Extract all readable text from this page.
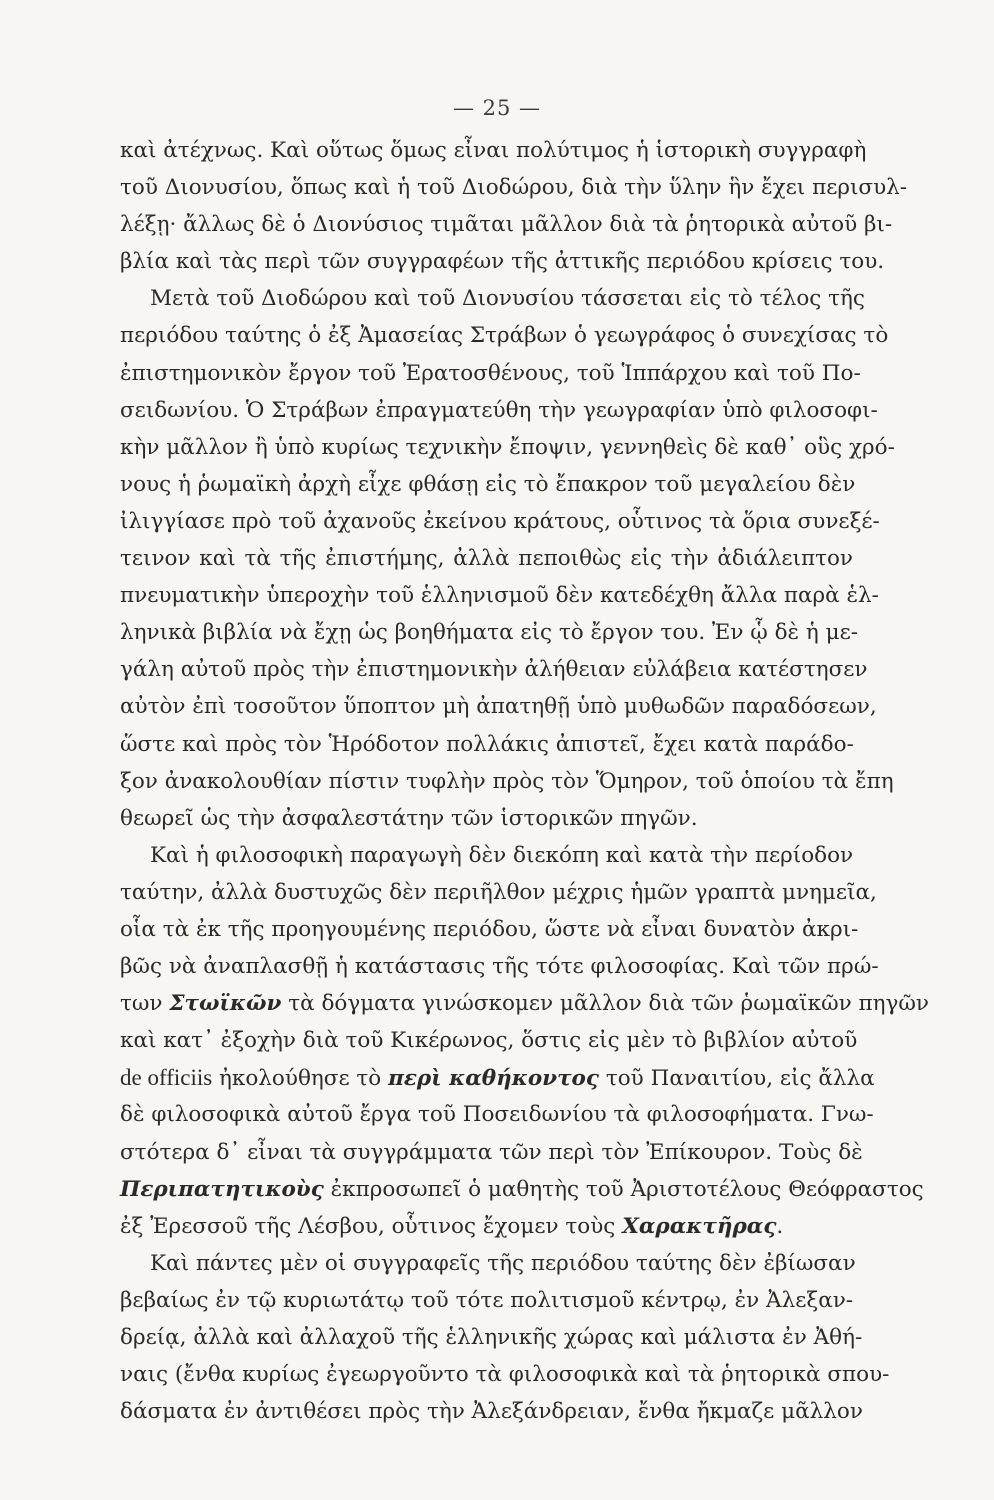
— 25 —
καὶ ἀτέχνως. Καὶ οὕτως ὅμως εἶναι πολύτιμος ἡ ἱστορικὴ συγγραφὴ
τοῦ Διονυσίου, ὅπως καὶ ἡ τοῦ Διοδώρου, διὰ τὴν ὕλην ἣν ἔχει περισυλ-
λέξῃ· ἄλλως δὲ ὁ Διονύσιος τιμᾶται μᾶλλον διὰ τὰ ῥητορικὰ αὐτοῦ βι-
βλία καὶ τὰς περὶ τῶν συγγραφέων τῆς ἀττικῆς περιόδου κρίσεις του.
Μετὰ τοῦ Διοδώρου καὶ τοῦ Διονυσίου τάσσεται εἰς τὸ τέλος τῆς
περιόδου ταύτης ὁ ἐξ Ἀμασείας Στράβων ὁ γεωγράφος ὁ συνεχίσας τὸ
ἐπιστημονικὸν ἔργον τοῦ Ἐρατοσθένους, τοῦ Ἱππάρχου καὶ τοῦ Πο-
σειδωνίου. Ὁ Στράβων ἐπραγματεύθη τὴν γεωγραφίαν ὑπὸ φιλοσοφι-
κὴν μᾶλλον ἢ ὑπὸ κυρίως τεχνικὴν ἔποψιν, γεννηθεὶς δὲ καθ᾽ οὓς χρό-
νους ἡ ῥωμαϊκὴ ἀρχὴ εἶχε φθάσῃ εἰς τὸ ἔπακρον τοῦ μεγαλείου δὲν
ἰλιγγίασε πρὸ τοῦ ἀχανοῦς ἐκείνου κράτους, οὗτινος τὰ ὅρια συνεξέ-
τεινον καὶ τὰ τῆς ἐπιστήμης, ἀλλὰ πεποιθὼς εἰς τὴν ἀδιάλειπτον
πνευματικὴν ὑπεροχὴν τοῦ ἑλληνισμοῦ δὲν κατεδέχθη ἄλλα παρὰ ἑλ-
ληνικὰ βιβλία νὰ ἔχῃ ὡς βοηθήματα εἰς τὸ ἔργον του. Ἐν ᾧ δὲ ἡ με-
γάλη αὐτοῦ πρὸς τὴν ἐπιστημονικὴν ἀλήθειαν εὐλάβεια κατέστησεν
αὐτὸν ἐπὶ τοσοῦτον ὕποπτον μὴ ἀπατηθῇ ὑπὸ μυθωδῶν παραδόσεων,
ὥστε καὶ πρὸς τὸν Ἡρόδοτον πολλάκις ἀπιστεῖ, ἔχει κατὰ παράδο-
ξον ἀνακολουθίαν πίστιν τυφλὴν πρὸς τὸν Ὅμηρον, τοῦ ὁποίου τὰ ἔπη
θεωρεῖ ὡς τὴν ἀσφαλεστάτην τῶν ἱστορικῶν πηγῶν.
Καὶ ἡ φιλοσοφικὴ παραγωγὴ δὲν διεκόπη καὶ κατὰ τὴν περίοδον
ταύτην, ἀλλὰ δυστυχῶς δὲν περιῆλθον μέχρις ἡμῶν γραπτὰ μνημεῖα,
οἷα τὰ ἐκ τῆς προηγουμένης περιόδου, ὥστε νὰ εἶναι δυνατὸν ἀκρι-
βῶς νὰ ἀναπλασθῇ ἡ κατάστασις τῆς τότε φιλοσοφίας. Καὶ τῶν πρώ-
των Στωϊκῶν τὰ δόγματα γινώσκομεν μᾶλλον διὰ τῶν ῥωμαϊκῶν πηγῶν
καὶ κατ᾽ ἐξοχὴν διὰ τοῦ Κικέρωνος, ὅστις εἰς μὲν τὸ βιβλίον αὐτοῦ
de officiis ἠκολούθησε τὸ περὶ καθήκοντος τοῦ Παναιτίου, εἰς ἄλλα
δὲ φιλοσοφικὰ αὐτοῦ ἔργα τοῦ Ποσειδωνίου τὰ φιλοσοφήματα. Γνω-
στότερα δ᾽ εἶναι τὰ συγγράμματα τῶν περὶ τὸν Ἐπίκουρον. Τοὺς δὲ
Περιπατητικοὺς ἐκπροσωπεῖ ὁ μαθητὴς τοῦ Ἀριστοτέλους Θεόφραστος
ἐξ Ἐρεσσοῦ τῆς Λέσβου, οὗτινος ἔχομεν τοὺς Χαρακτῆρας.
Καὶ πάντες μὲν οἱ συγγραφεῖς τῆς περιόδου ταύτης δὲν ἐβίωσαν
βεβαίως ἐν τῷ κυριωτάτῳ τοῦ τότε πολιτισμοῦ κέντρῳ, ἐν Ἀλεξαν-
δρείᾳ, ἀλλὰ καὶ ἀλλαχοῦ τῆς ἑλληνικῆς χώρας καὶ μάλιστα ἐν Ἀθή-
ναις (ἔνθα κυρίως ἐγεωργοῦντο τὰ φιλοσοφικὰ καὶ τὰ ῥητορικὰ σπου-
δάσματα ἐν ἀντιθέσει πρὸς τὴν Ἀλεξάνδρειαν, ἔνθα ἤκμαζε μᾶλλον
